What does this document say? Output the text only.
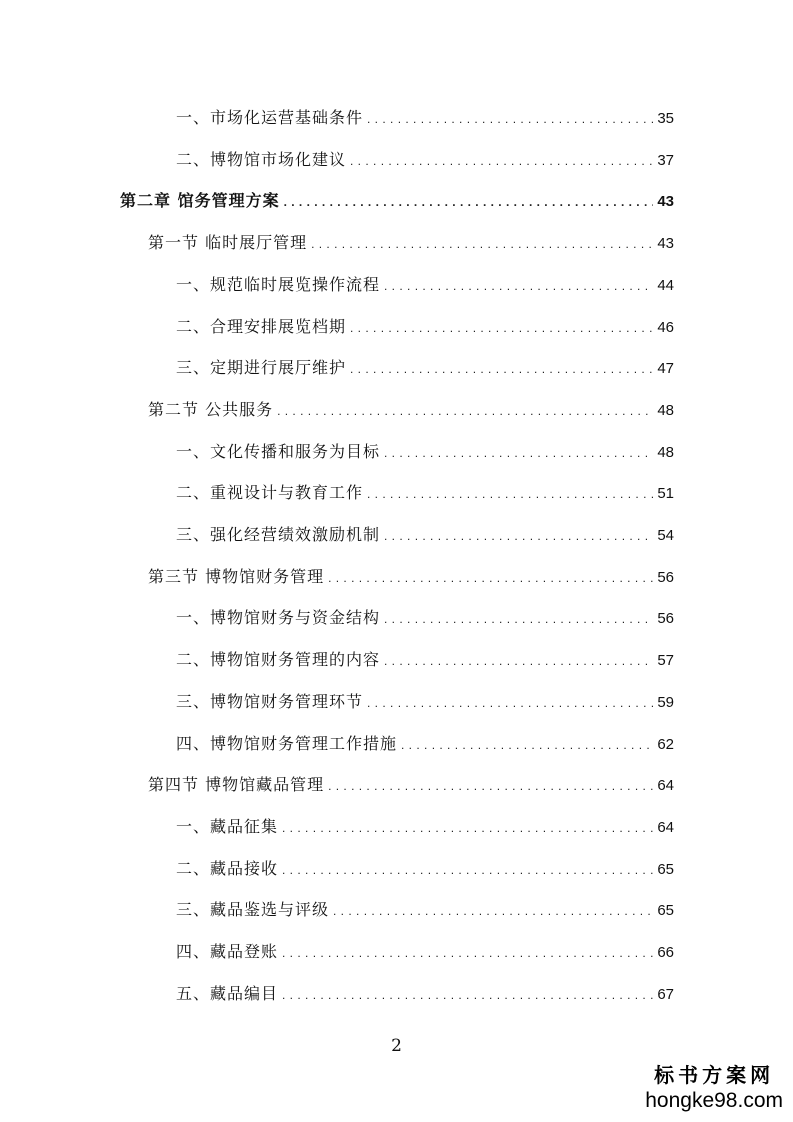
一、市场化运营基础条件 . . .	35
二、博物馆市场化建议 . . .	37
第二章 馆务管理方案 . . .	43
第一节 临时展厅管理 . . .	43
一、规范临时展览操作流程 . . .	44
二、合理安排展览档期 . . .	46
三、定期进行展厅维护 . . .	47
第二节 公共服务 . . .	48
一、文化传播和服务为目标 . . .	48
二、重视设计与教育工作 . . .	51
三、强化经营绩效激励机制 . . .	54
第三节 博物馆财务管理 . . .	56
一、博物馆财务与资金结构 . . .	56
二、博物馆财务管理的内容 . . .	57
三、博物馆财务管理环节 . . .	59
四、博物馆财务管理工作措施 . . .	62
第四节 博物馆藏品管理 . . .	64
一、藏品征集 . . .	64
二、藏品接收 . . .	65
三、藏品鉴选与评级 . . .	65
四、藏品登账 . . .	66
五、藏品编目 . . .	67
2
标书方案网
hongke98.com
